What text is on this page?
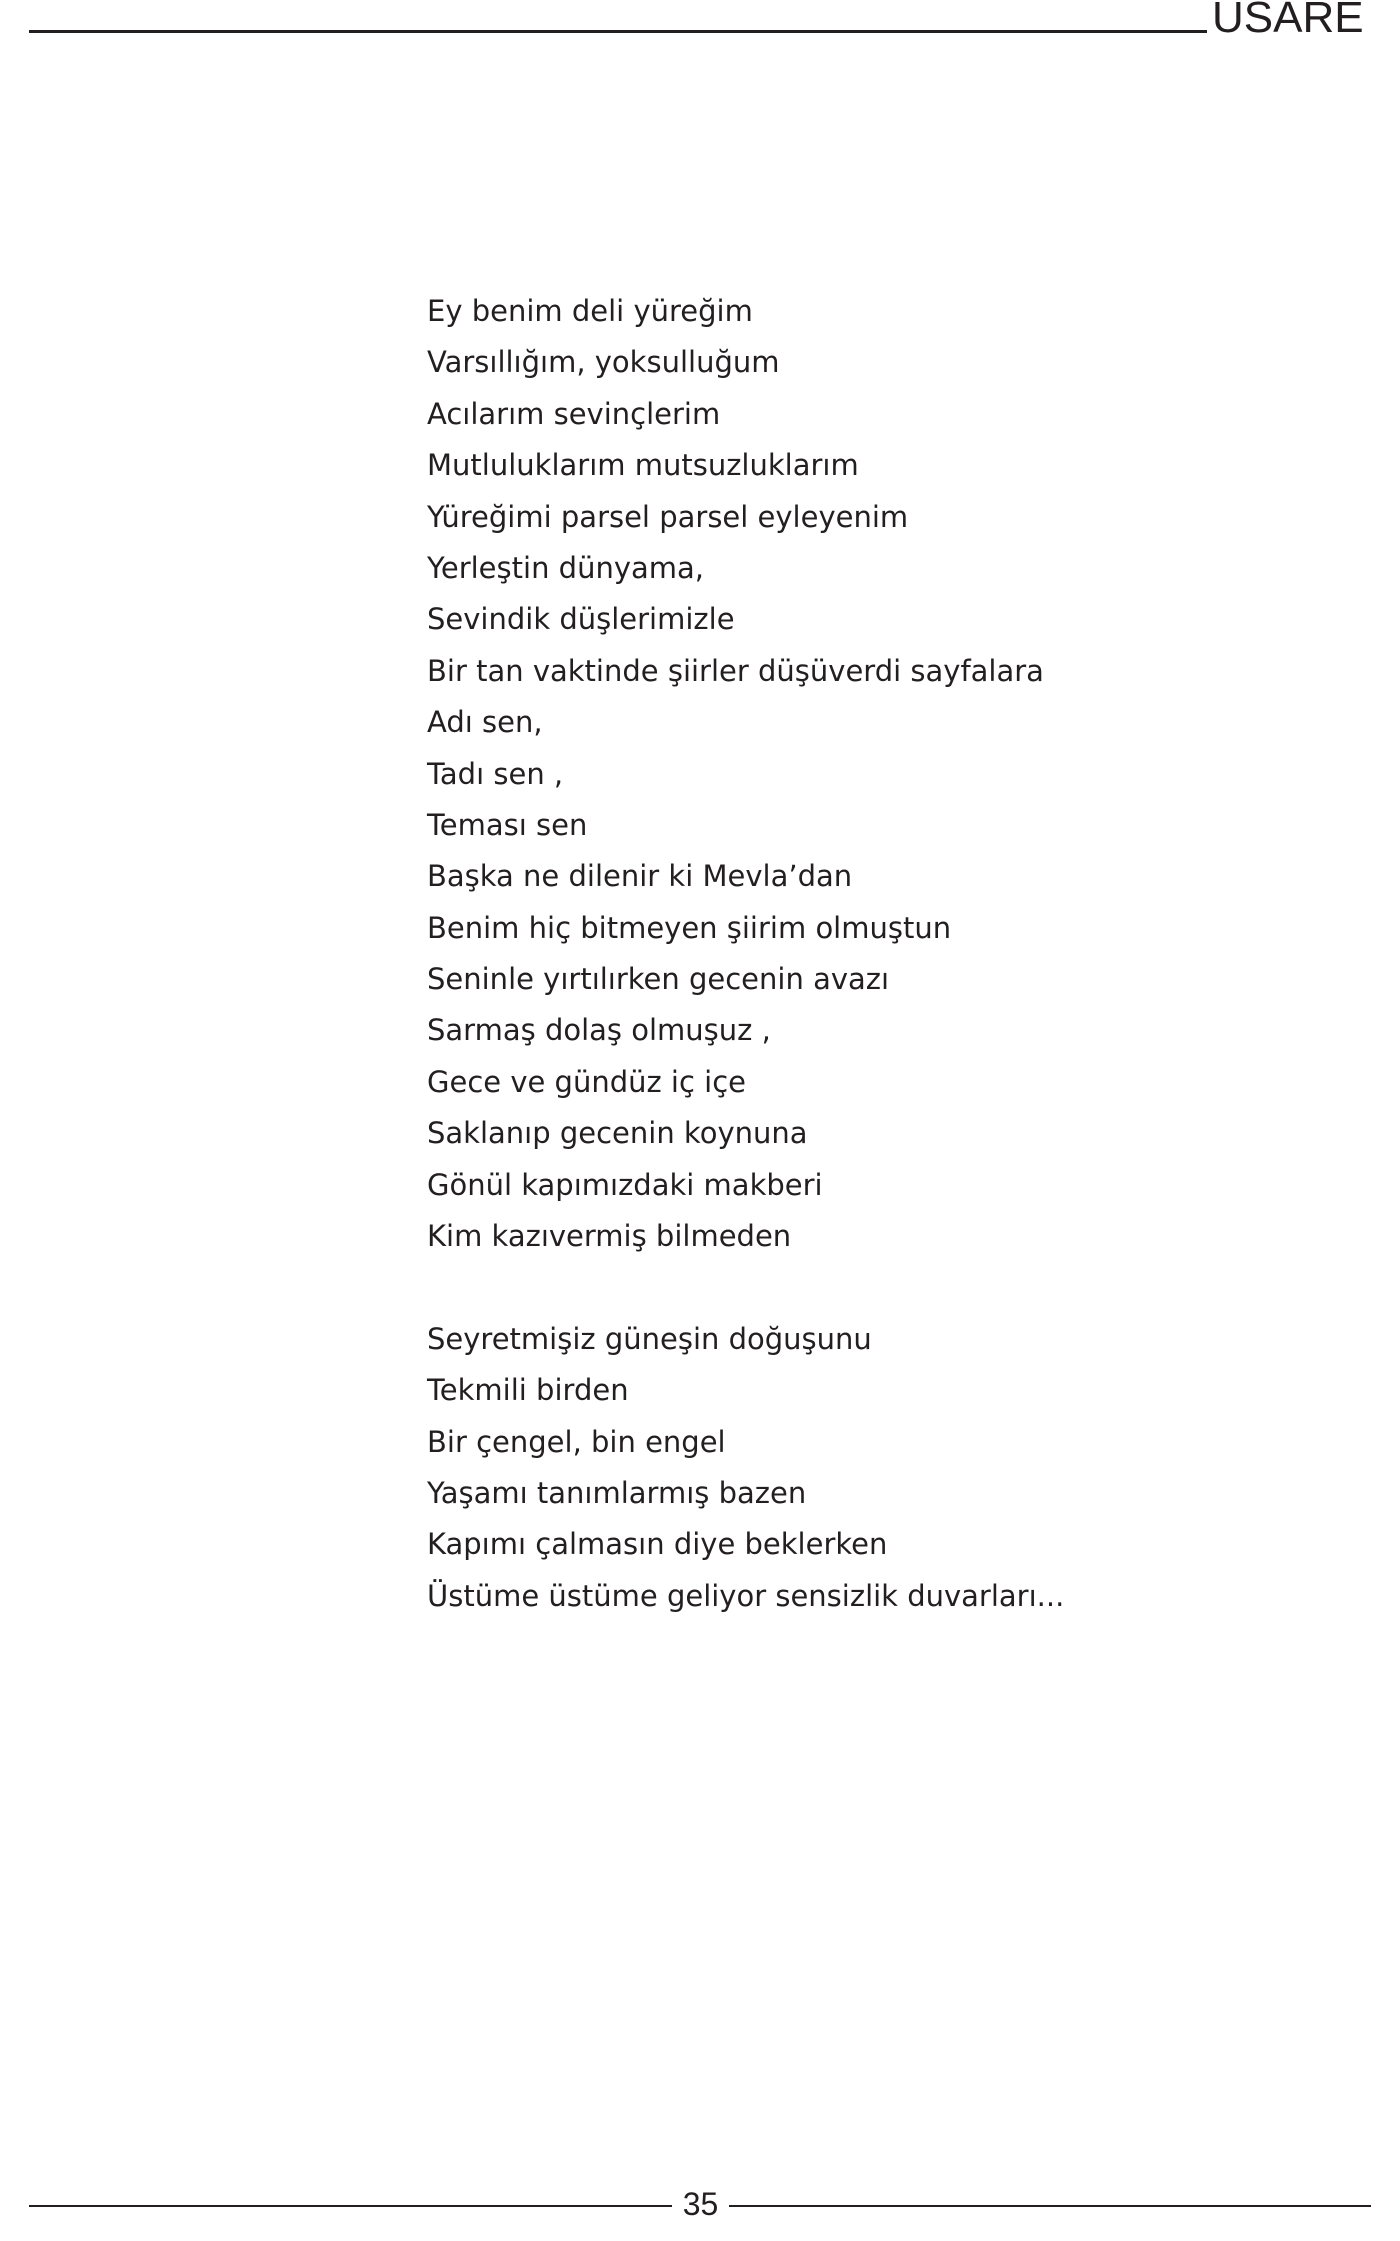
USARE
Ey benim deli yüreğim
Varsıllığım, yoksulluğum
Acılarım sevinçlerim
Mutluluklarım mutsuzluklarım
Yüreğimi parsel parsel eyleyenim
Yerleştin dünyama,
Sevindik düşlerimizle
Bir tan vaktinde şiirler düşüverdi sayfalara
Adı sen,
Tadı sen ,
Teması sen
Başka ne dilenir ki Mevla’dan
Benim hiç bitmeyen şiirim olmuştun
Seninle yırtılırken gecenin avazı
Sarmaş dolaş olmuşuz ,
Gece ve gündüz iç içe
Saklanıp gecenin koynuna
Gönül kapımızdaki makberi
Kim kazıvermiş bilmeden
Seyretmişiz güneşin doğuşunu
Tekmili birden
Bir çengel, bin engel
Yaşamı tanımlarmış bazen
Kapımı çalmasın diye beklerken
Üstüme üstüme geliyor sensizlik duvarları...
35
